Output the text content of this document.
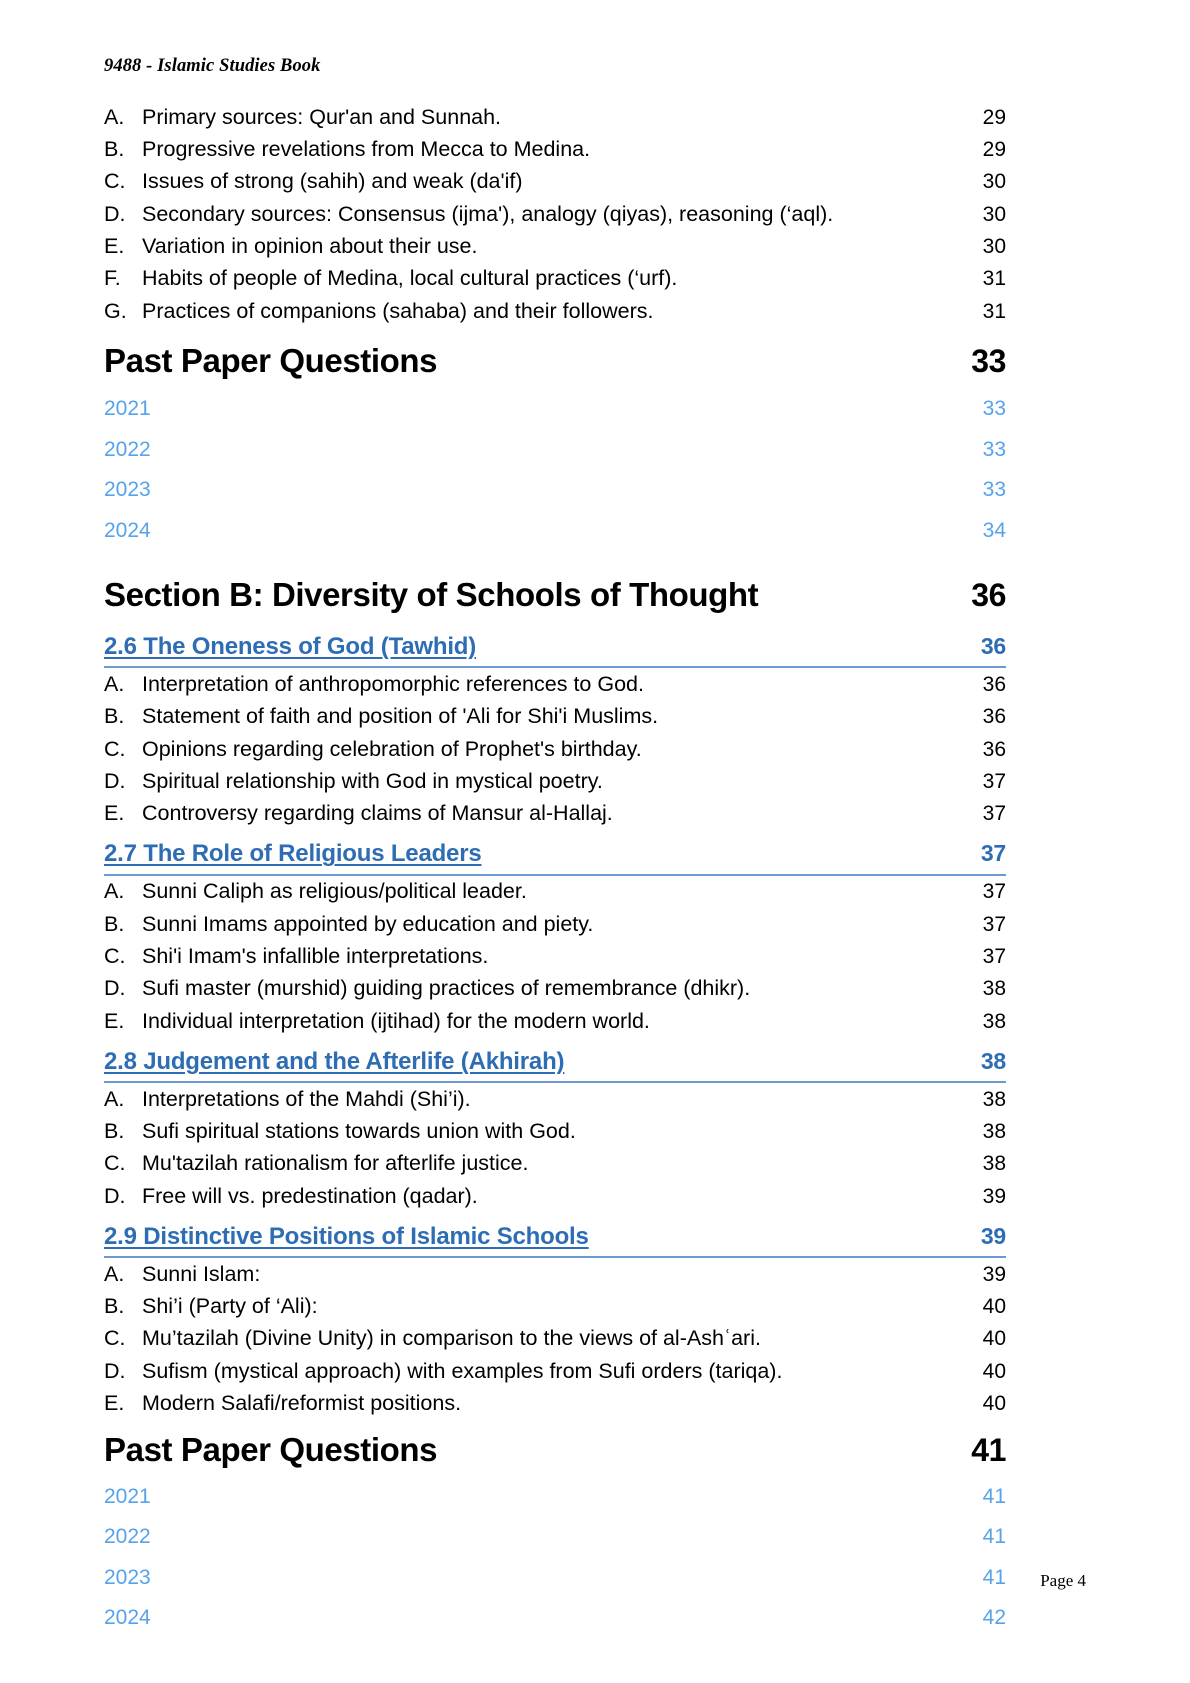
9488 - Islamic Studies Book
A. Primary sources: Qur'an and Sunnah.	29
B. Progressive revelations from Mecca to Medina.	29
C. Issues of strong (sahih) and weak (da'if)	30
D. Secondary sources: Consensus (ijma'), analogy (qiyas), reasoning (‘aql).	30
E. Variation in opinion about their use.	30
F. Habits of people of Medina, local cultural practices (‘urf).	31
G. Practices of companions (sahaba) and their followers.	31
Past Paper Questions	33
2021	33
2022	33
2023	33
2024	34
Section B: Diversity of Schools of Thought	36
2.6 The Oneness of God (Tawhid)	36
A. Interpretation of anthropomorphic references to God.	36
B. Statement of faith and position of 'Ali for Shi'i Muslims.	36
C. Opinions regarding celebration of Prophet's birthday.	36
D. Spiritual relationship with God in mystical poetry.	37
E. Controversy regarding claims of Mansur al-Hallaj.	37
2.7 The Role of Religious Leaders	37
A. Sunni Caliph as religious/political leader.	37
B. Sunni Imams appointed by education and piety.	37
C. Shi'i Imam's infallible interpretations.	37
D. Sufi master (murshid) guiding practices of remembrance (dhikr).	38
E. Individual interpretation (ijtihad) for the modern world.	38
2.8 Judgement and the Afterlife (Akhirah)	38
A. Interpretations of the Mahdi (Shi’i).	38
B. Sufi spiritual stations towards union with God.	38
C. Mu'tazilah rationalism for afterlife justice.	38
D. Free will vs. predestination (qadar).	39
2.9 Distinctive Positions of Islamic Schools	39
A. Sunni Islam:	39
B. Shi’i (Party of ‘Ali):	40
C. Mu’tazilah (Divine Unity) in comparison to the views of al-Ashʿari.	40
D. Sufism (mystical approach) with examples from Sufi orders (tariqa).	40
E. Modern Salafi/reformist positions.	40
Past Paper Questions	41
2021	41
2022	41
2023	41
2024	42
Page 4
